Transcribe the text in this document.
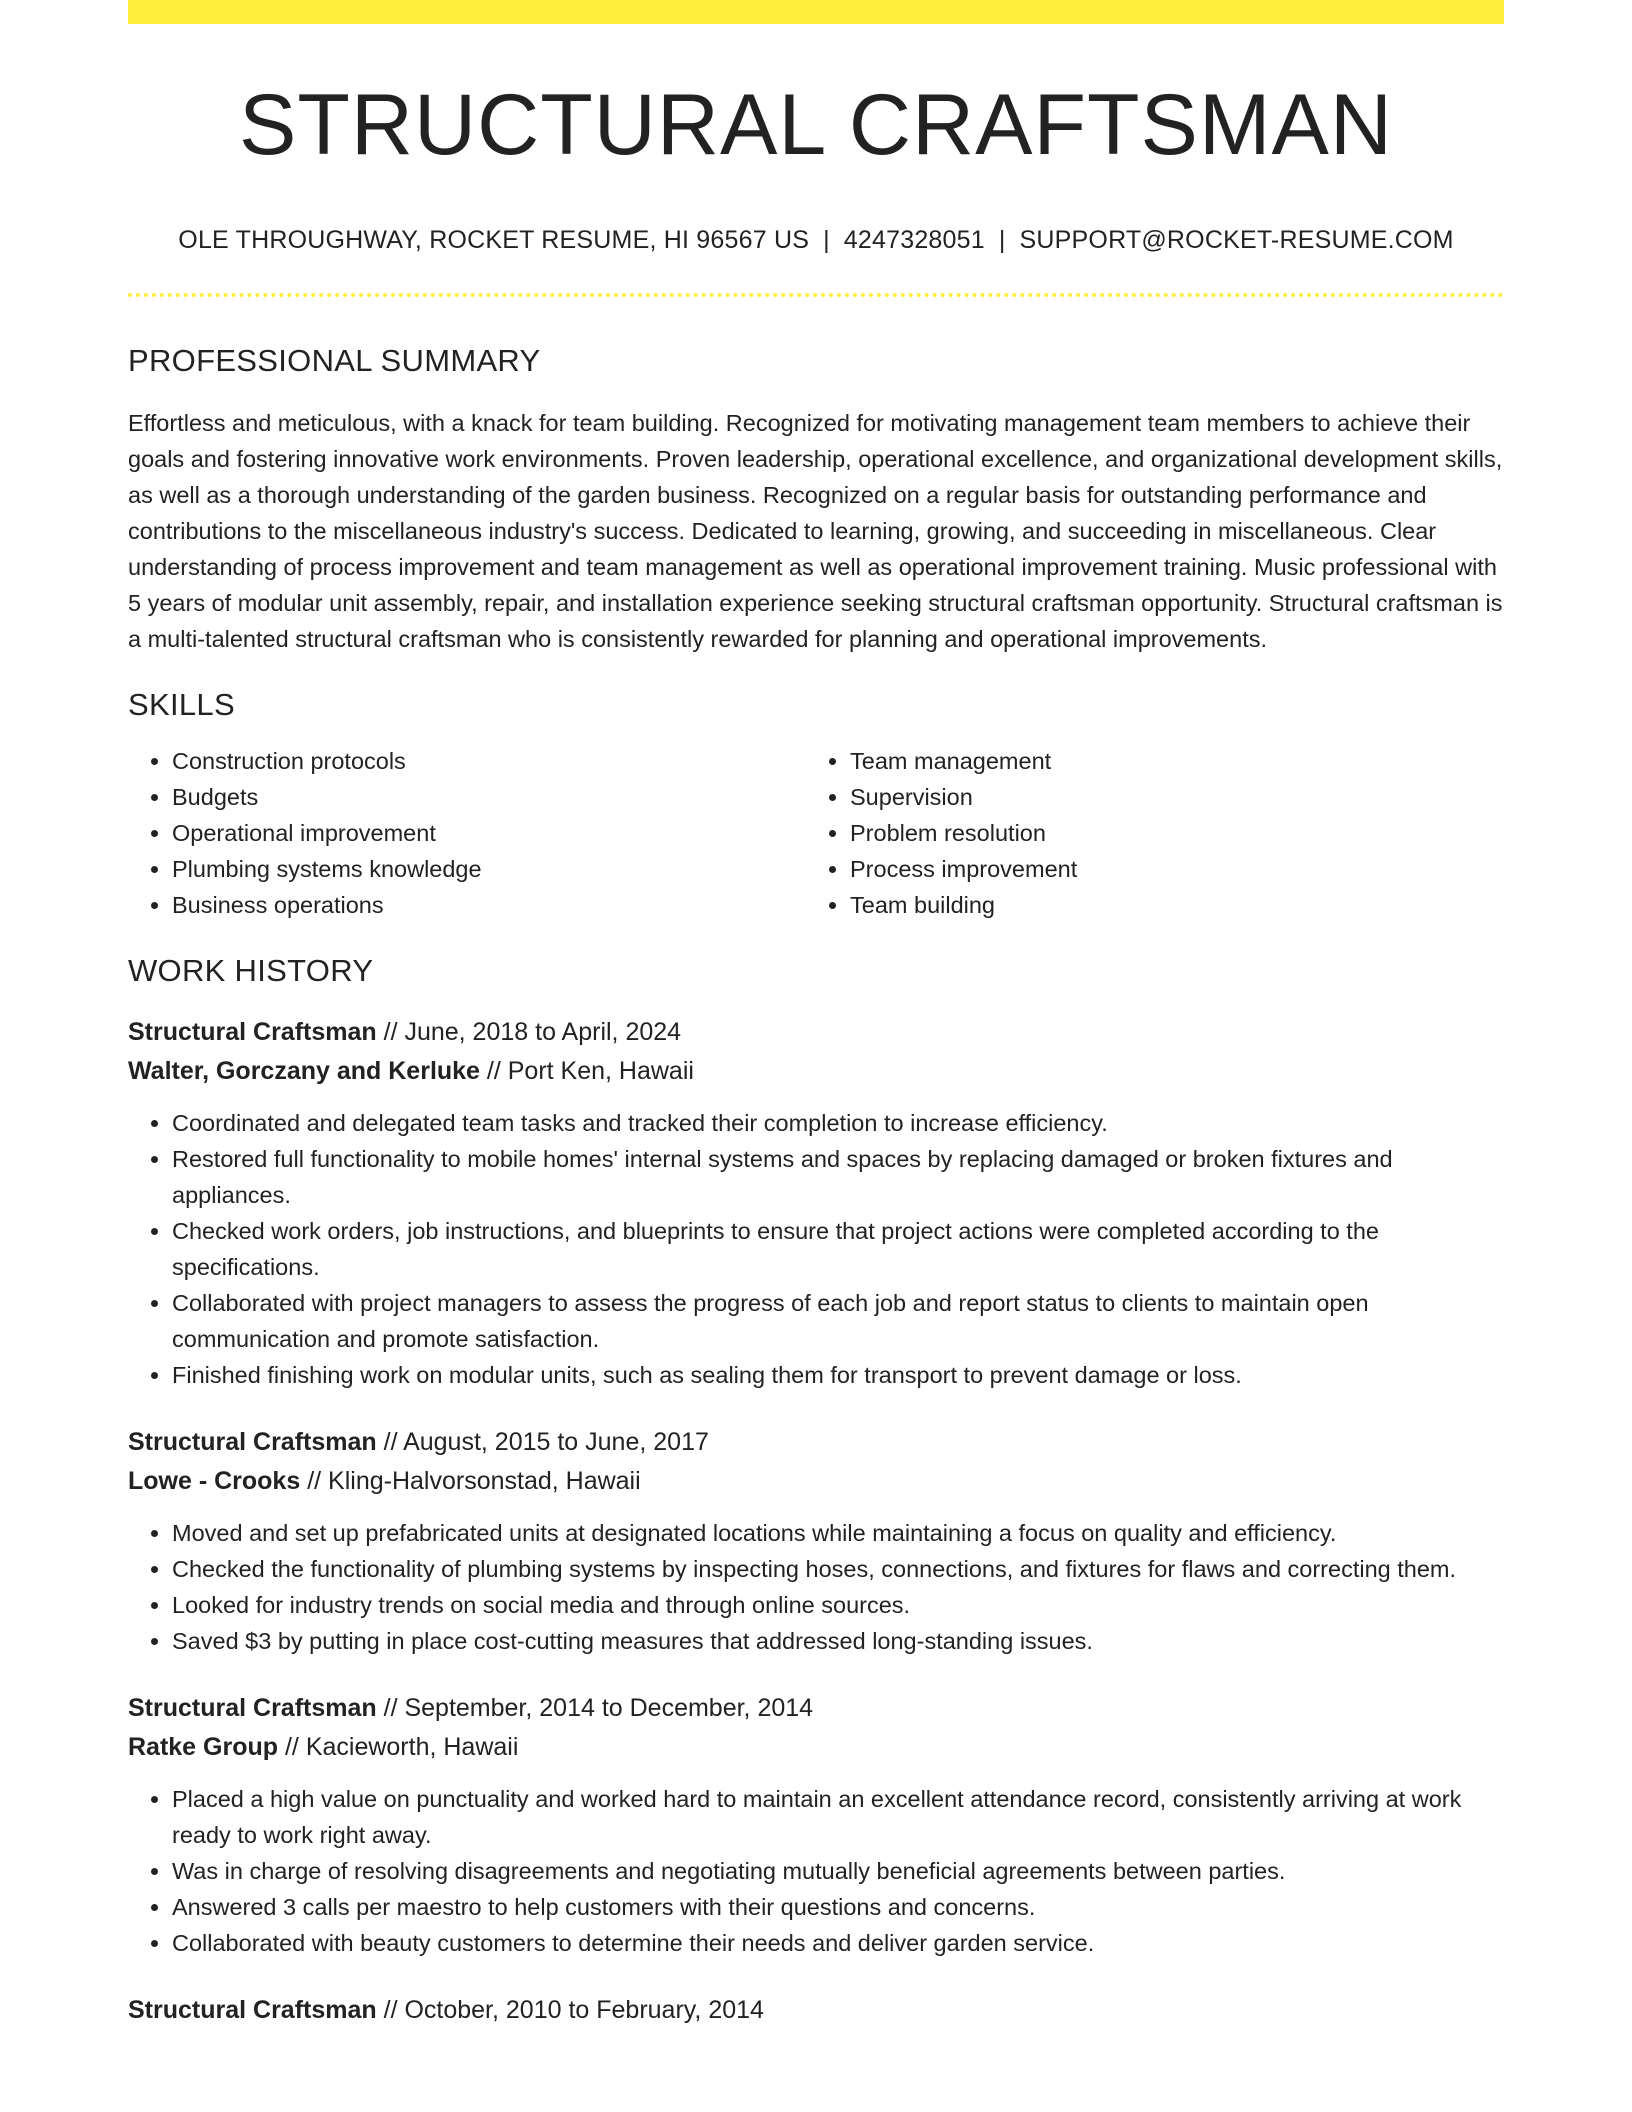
STRUCTURAL CRAFTSMAN
OLE THROUGHWAY, ROCKET RESUME, HI 96567 US | 4247328051 | SUPPORT@ROCKET-RESUME.COM
PROFESSIONAL SUMMARY
Effortless and meticulous, with a knack for team building. Recognized for motivating management team members to achieve their goals and fostering innovative work environments. Proven leadership, operational excellence, and organizational development skills, as well as a thorough understanding of the garden business. Recognized on a regular basis for outstanding performance and contributions to the miscellaneous industry's success. Dedicated to learning, growing, and succeeding in miscellaneous. Clear understanding of process improvement and team management as well as operational improvement training. Music professional with 5 years of modular unit assembly, repair, and installation experience seeking structural craftsman opportunity. Structural craftsman is a multi-talented structural craftsman who is consistently rewarded for planning and operational improvements.
SKILLS
• Construction protocols
• Budgets
• Operational improvement
• Plumbing systems knowledge
• Business operations
• Team management
• Supervision
• Problem resolution
• Process improvement
• Team building
WORK HISTORY
Structural Craftsman // June, 2018 to April, 2024
Walter, Gorczany and Kerluke // Port Ken, Hawaii
• Coordinated and delegated team tasks and tracked their completion to increase efficiency.
• Restored full functionality to mobile homes' internal systems and spaces by replacing damaged or broken fixtures and appliances.
• Checked work orders, job instructions, and blueprints to ensure that project actions were completed according to the specifications.
• Collaborated with project managers to assess the progress of each job and report status to clients to maintain open communication and promote satisfaction.
• Finished finishing work on modular units, such as sealing them for transport to prevent damage or loss.
Structural Craftsman // August, 2015 to June, 2017
Lowe - Crooks // Kling-Halvorsonstad, Hawaii
• Moved and set up prefabricated units at designated locations while maintaining a focus on quality and efficiency.
• Checked the functionality of plumbing systems by inspecting hoses, connections, and fixtures for flaws and correcting them.
• Looked for industry trends on social media and through online sources.
• Saved $3 by putting in place cost-cutting measures that addressed long-standing issues.
Structural Craftsman // September, 2014 to December, 2014
Ratke Group // Kacieworth, Hawaii
• Placed a high value on punctuality and worked hard to maintain an excellent attendance record, consistently arriving at work ready to work right away.
• Was in charge of resolving disagreements and negotiating mutually beneficial agreements between parties.
• Answered 3 calls per maestro to help customers with their questions and concerns.
• Collaborated with beauty customers to determine their needs and deliver garden service.
Structural Craftsman // October, 2010 to February, 2014
